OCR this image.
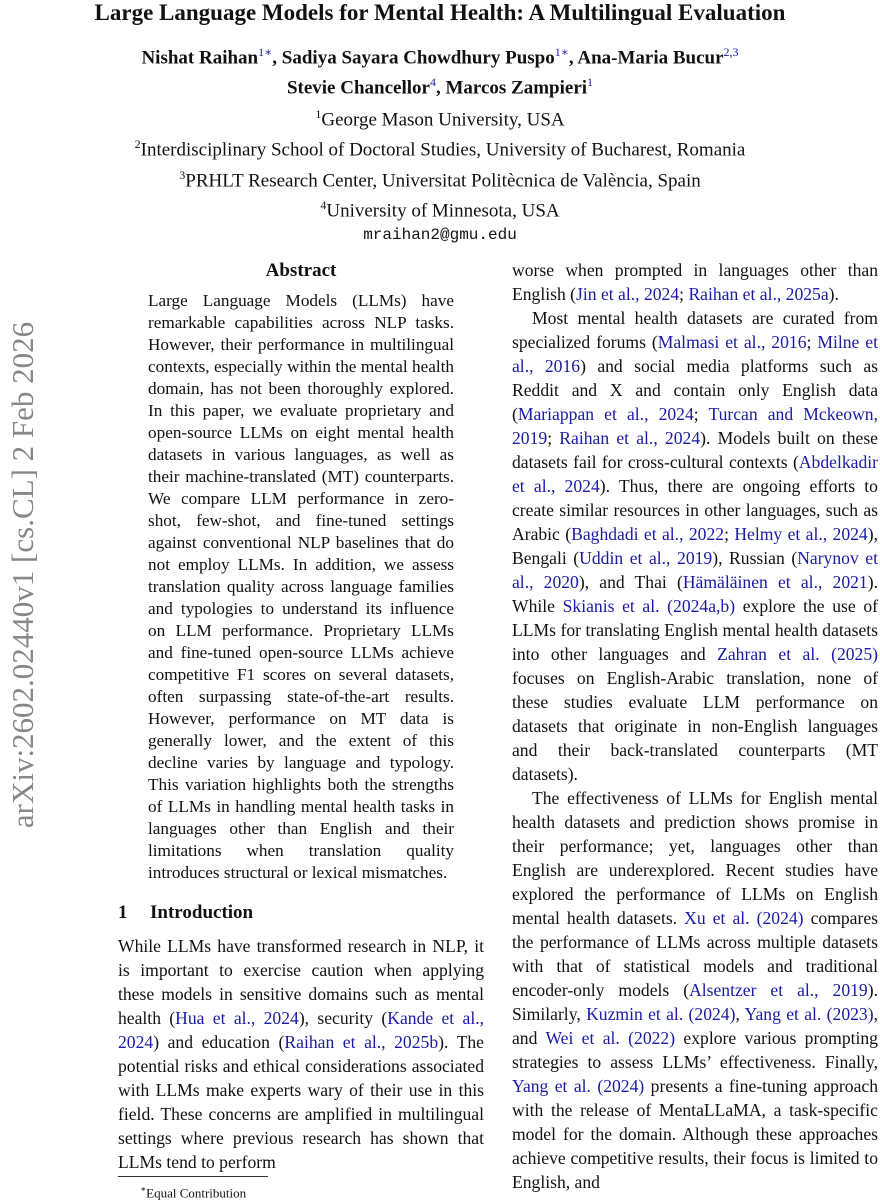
Large Language Models for Mental Health: A Multilingual Evaluation
Nishat Raihan$^{1∗}$, Sadiya Sayara Chowdhury Puspo$^{1∗}$, Ana-Maria Bucur$^{2,3}$
Stevie Chancellor$^4$, Marcos Zampieri$^1$
$^1$George Mason University, USA
$^2$Interdisciplinary School of Doctoral Studies, University of Bucharest, Romania
$^3$PRHLT Research Center, Universitat Politècnica de València, Spain
$^4$University of Minnesota, USA
mraihan2@gmu.edu
arXiv:2602.02440v1 [cs.CL] 2 Feb 2026
Abstract
Large Language Models (LLMs) have remarkable capabilities across NLP tasks. However, their performance in multilingual contexts, especially within the mental health domain, has not been thoroughly explored. In this paper, we evaluate proprietary and open-source LLMs on eight mental health datasets in various languages, as well as their machine-translated (MT) counterparts. We compare LLM performance in zero-shot, few-shot, and fine-tuned settings against conventional NLP baselines that do not employ LLMs. In addition, we assess translation quality across language families and typologies to understand its influence on LLM performance. Proprietary LLMs and fine-tuned open-source LLMs achieve competitive F1 scores on several datasets, often surpassing state-of-the-art results. However, performance on MT data is generally lower, and the extent of this decline varies by language and typology. This variation highlights both the strengths of LLMs in handling mental health tasks in languages other than English and their limitations when translation quality introduces structural or lexical mismatches.
1 Introduction
While LLMs have transformed research in NLP, it is important to exercise caution when applying these models in sensitive domains such as mental health (Hua et al., 2024), security (Kande et al., 2024) and education (Raihan et al., 2025b). The potential risks and ethical considerations associated with LLMs make experts wary of their use in this field. These concerns are amplified in multilingual settings where previous research has shown that LLMs tend to perform

worse when prompted in languages other than English (Jin et al., 2024; Raihan et al., 2025a).

Most mental health datasets are curated from specialized forums (Malmasi et al., 2016; Milne et al., 2016) and social media platforms such as Reddit and X and contain only English data (Mariappan et al., 2024; Turcan and Mckeown, 2019; Raihan et al., 2024). Models built on these datasets fail for cross-cultural contexts (Abdelkadir et al., 2024). Thus, there are ongoing efforts to create similar resources in other languages, such as Arabic (Baghdadi et al., 2022; Helmy et al., 2024), Bengali (Uddin et al., 2019), Russian (Narynov et al., 2020), and Thai (Hämäläinen et al., 2021). While Skianis et al. (2024a,b) explore the use of LLMs for translating English mental health datasets into other languages and Zahran et al. (2025) focuses on English-Arabic translation, none of these studies evaluate LLM performance on datasets that originate in non-English languages and their back-translated counterparts (MT datasets).

The effectiveness of LLMs for English mental health datasets and prediction shows promise in their performance; yet, languages other than English are underexplored. Recent studies have explored the performance of LLMs on English mental health datasets. Xu et al. (2024) compares the performance of LLMs across multiple datasets with that of statistical models and traditional encoder-only models (Alsentzer et al., 2019). Similarly, Kuzmin et al. (2024), Yang et al. (2023), and Wei et al. (2022) explore various prompting strategies to assess LLMs’ effectiveness. Finally, Yang et al. (2024) presents a fine-tuning approach with the release of MentaLLaMA, a task-specific model for the domain. Although these approaches achieve competitive results, their focus is limited to English, and

∗Equal Contribution
